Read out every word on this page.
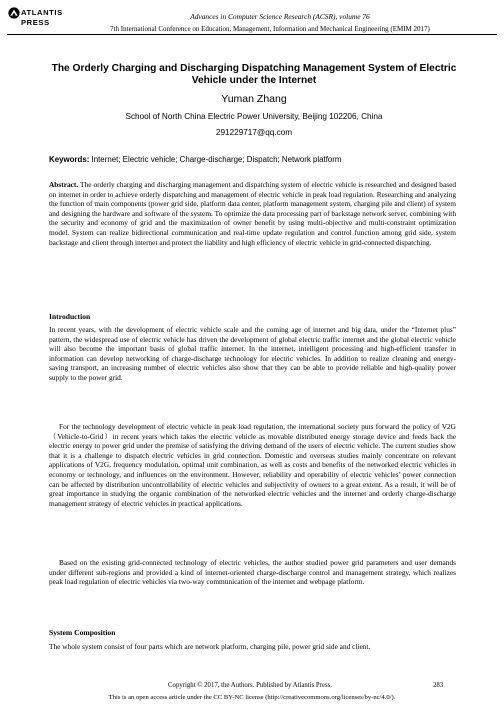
ATLANTIS
PRESS
Advances in Computer Science Research (ACSR), volume 76
7th International Conference on Education, Management, Information and Mechanical Engineering (EMIM 2017)
The Orderly Charging and Discharging Dispatching Management System of Electric Vehicle under the Internet
Yuman Zhang
School of North China Electric Power University, Beijing 102206, China
291229717@qq.com
Keywords: Internet; Electric vehicle; Charge-discharge; Dispatch; Network platform
Abstract. The orderly charging and discharging management and dispatching system of electric vehicle is researched and designed based on internet in order to achieve orderly dispatching and management of electric vehicle in peak load regulation. Researching and analyzing the function of main components (power grid side, platform data center, platform management system, charging pile and client) of system and designing the hardware and software of the system. To optimize the data processing part of backstage network server, combining with the security and economy of grid and the maximization of owner benefit by using multi-objective and multi-constraint optimization model. System can realize bidirectional communication and real-time update regulation and control function among grid side, system backstage and client through internet and protect the liability and high efficiency of electric vehicle in grid-connected dispatching.
Introduction
In recent years, with the development of electric vehicle scale and the coming age of internet and big data, under the “Internet plus” pattern, the widespread use of electric vehicle has driven the development of global electric traffic internet and the global electric vehicle will also become the important basis of global traffic internet. In the internet, intelligent processing and high-efficient transfer in information can develop networking of charge-discharge technology for electric vehicles. In addition to realize cleaning and energy-saving transport, an increasing number of electric vehicles also show that they can be able to provide reliable and high-quality power supply to the power grid.
For the technology development of electric vehicle in peak load regulation, the international society puts forward the policy of V2G（Vehicle-to-Grid）in recent years which takes the electric vehicle as movable distributed energy storage device and feeds back the electric energy to power grid under the premise of satisfying the driving demand of the users of electric vehicle. The current studies show that it is a challenge to dispatch electric vehicles in grid connection. Domestic and overseas studies mainly concentrate on relevant applications of V2G, frequency modulation, optimal unit combination, as well as costs and benefits of the networked electric vehicles in economy or technology, and influences on the environment. However, reliability and operability of electric vehicles’ power connection can be affected by distribution uncontrollability of electric vehicles and subjectivity of owners to a great extent. As a result, it will be of great importance in studying the organic combination of the networked electric vehicles and the internet and orderly charge-discharge management strategy of electric vehicles in practical applications.
Based on the existing grid-connected technology of electric vehicles, the author studied power grid parameters and user demands under different sub-regions and provided a kind of internet-oriented charge-discharge control and management strategy, which realizes peak load regulation of electric vehicles via two-way communication of the internet and webpage platform.
System Composition
The whole system consist of four parts which are network platform, charging pile, power grid side and client.
Copyright © 2017, the Authors. Published by Atlantis Press.	283
This is an open access article under the CC BY-NC license (http://creativecommons.org/licenses/by-nc/4.0/).
